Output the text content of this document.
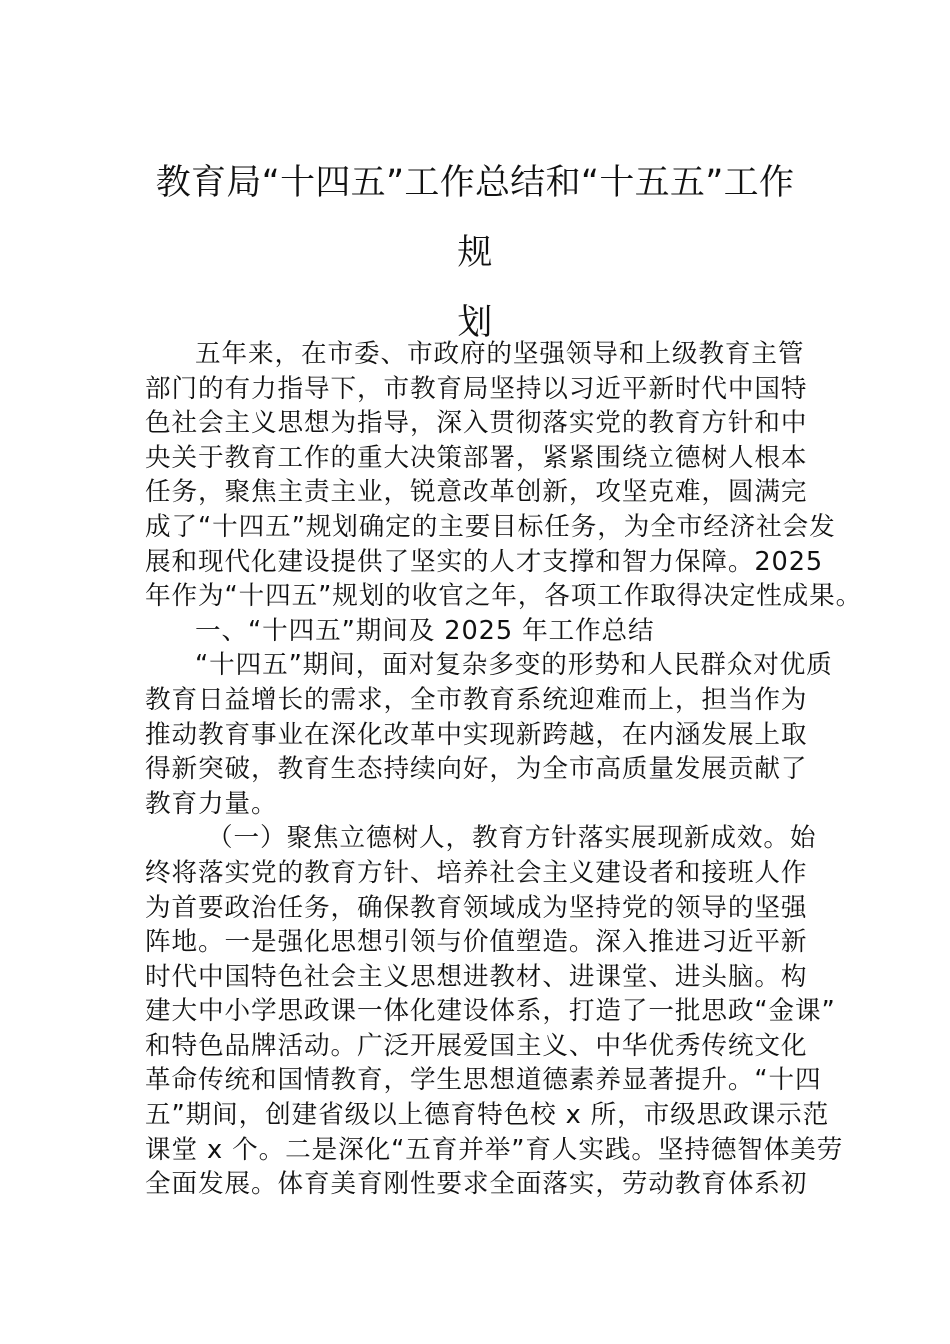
教育局“十四五”工作总结和“十五五”工作规
划
五年来，在市委、市政府的坚强领导和上级教育主管
部门的有力指导下，市教育局坚持以习近平新时代中国特
色社会主义思想为指导，深入贯彻落实党的教育方针和中
央关于教育工作的重大决策部署，紧紧围绕立德树人根本
任务，聚焦主责主业，锐意改革创新，攻坚克难，圆满完
成了“十四五”规划确定的主要目标任务，为全市经济社会发
展和现代化建设提供了坚实的人才支撑和智力保障。2025
年作为“十四五”规划的收官之年，各项工作取得决定性成果。
一、“十四五”期间及 2025 年工作总结
“十四五”期间，面对复杂多变的形势和人民群众对优质
教育日益增长的需求，全市教育系统迎难而上，担当作为
推动教育事业在深化改革中实现新跨越，在内涵发展上取
得新突破，教育生态持续向好，为全市高质量发展贡献了
教育力量。
（一）聚焦立德树人，教育方针落实展现新成效。始
终将落实党的教育方针、培养社会主义建设者和接班人作
为首要政治任务，确保教育领域成为坚持党的领导的坚强
阵地。一是强化思想引领与价值塑造。深入推进习近平新
时代中国特色社会主义思想进教材、进课堂、进头脑。构
建大中小学思政课一体化建设体系，打造了一批思政“金课”
和特色品牌活动。广泛开展爱国主义、中华优秀传统文化
革命传统和国情教育，学生思想道德素养显著提升。“十四
五”期间，创建省级以上德育特色校 x 所，市级思政课示范
课堂 x 个。二是深化“五育并举”育人实践。坚持德智体美劳
全面发展。体育美育刚性要求全面落实，劳动教育体系初
